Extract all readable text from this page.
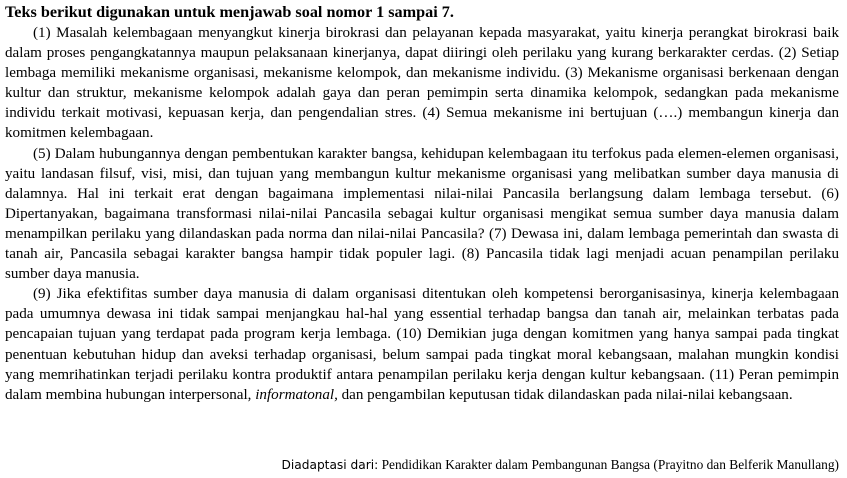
Teks berikut digunakan untuk menjawab soal nomor 1 sampai 7.

(1) Masalah kelembagaan menyangkut kinerja birokrasi dan pelayanan kepada masyarakat, yaitu kinerja perangkat birokrasi baik dalam proses pengangkatannya maupun pelaksanaan kinerjanya, dapat diiringi oleh perilaku yang kurang berkarakter cerdas. (2) Setiap lembaga memiliki mekanisme organisasi, mekanisme kelompok, dan mekanisme individu. (3) Mekanisme organisasi berkenaan dengan kultur dan struktur, mekanisme kelompok adalah gaya dan peran pemimpin serta dinamika kelompok, sedangkan pada mekanisme individu terkait motivasi, kepuasan kerja, dan pengendalian stres. (4) Semua mekanisme ini bertujuan (….) membangun kinerja dan komitmen kelembagaan.

(5) Dalam hubungannya dengan pembentukan karakter bangsa, kehidupan kelembagaan itu terfokus pada elemen-elemen organisasi, yaitu landasan filsuf, visi, misi, dan tujuan yang membangun kultur mekanisme organisasi yang melibatkan sumber daya manusia di dalamnya. Hal ini terkait erat dengan bagaimana implementasi nilai-nilai Pancasila berlangsung dalam lembaga tersebut. (6) Dipertanyakan, bagaimana transformasi nilai-nilai Pancasila sebagai kultur organisasi mengikat semua sumber daya manusia dalam menampilkan perilaku yang dilandaskan pada norma dan nilai-nilai Pancasila? (7) Dewasa ini, dalam lembaga pemerintah dan swasta di tanah air, Pancasila sebagai karakter bangsa hampir tidak populer lagi. (8) Pancasila tidak lagi menjadi acuan penampilan perilaku sumber daya manusia.

(9) Jika efektifitas sumber daya manusia di dalam organisasi ditentukan oleh kompetensi berorganisasinya, kinerja kelembagaan pada umumnya dewasa ini tidak sampai menjangkau hal-hal yang essential terhadap bangsa dan tanah air, melainkan terbatas pada pencapaian tujuan yang terdapat pada program kerja lembaga. (10) Demikian juga dengan komitmen yang hanya sampai pada tingkat penentuan kebutuhan hidup dan aveksi terhadap organisasi, belum sampai pada tingkat moral kebangsaan, malahan mungkin kondisi yang memrihatinkan terjadi perilaku kontra produktif antara penampilan perilaku kerja dengan kultur kebangsaan. (11) Peran pemimpin dalam membina hubungan interpersonal, informatonal, dan pengambilan keputusan tidak dilandaskan pada nilai-nilai kebangsaan.

Diadaptasi dari: Pendidikan Karakter dalam Pembangunan Bangsa (Prayitno dan Belferik Manullang)
